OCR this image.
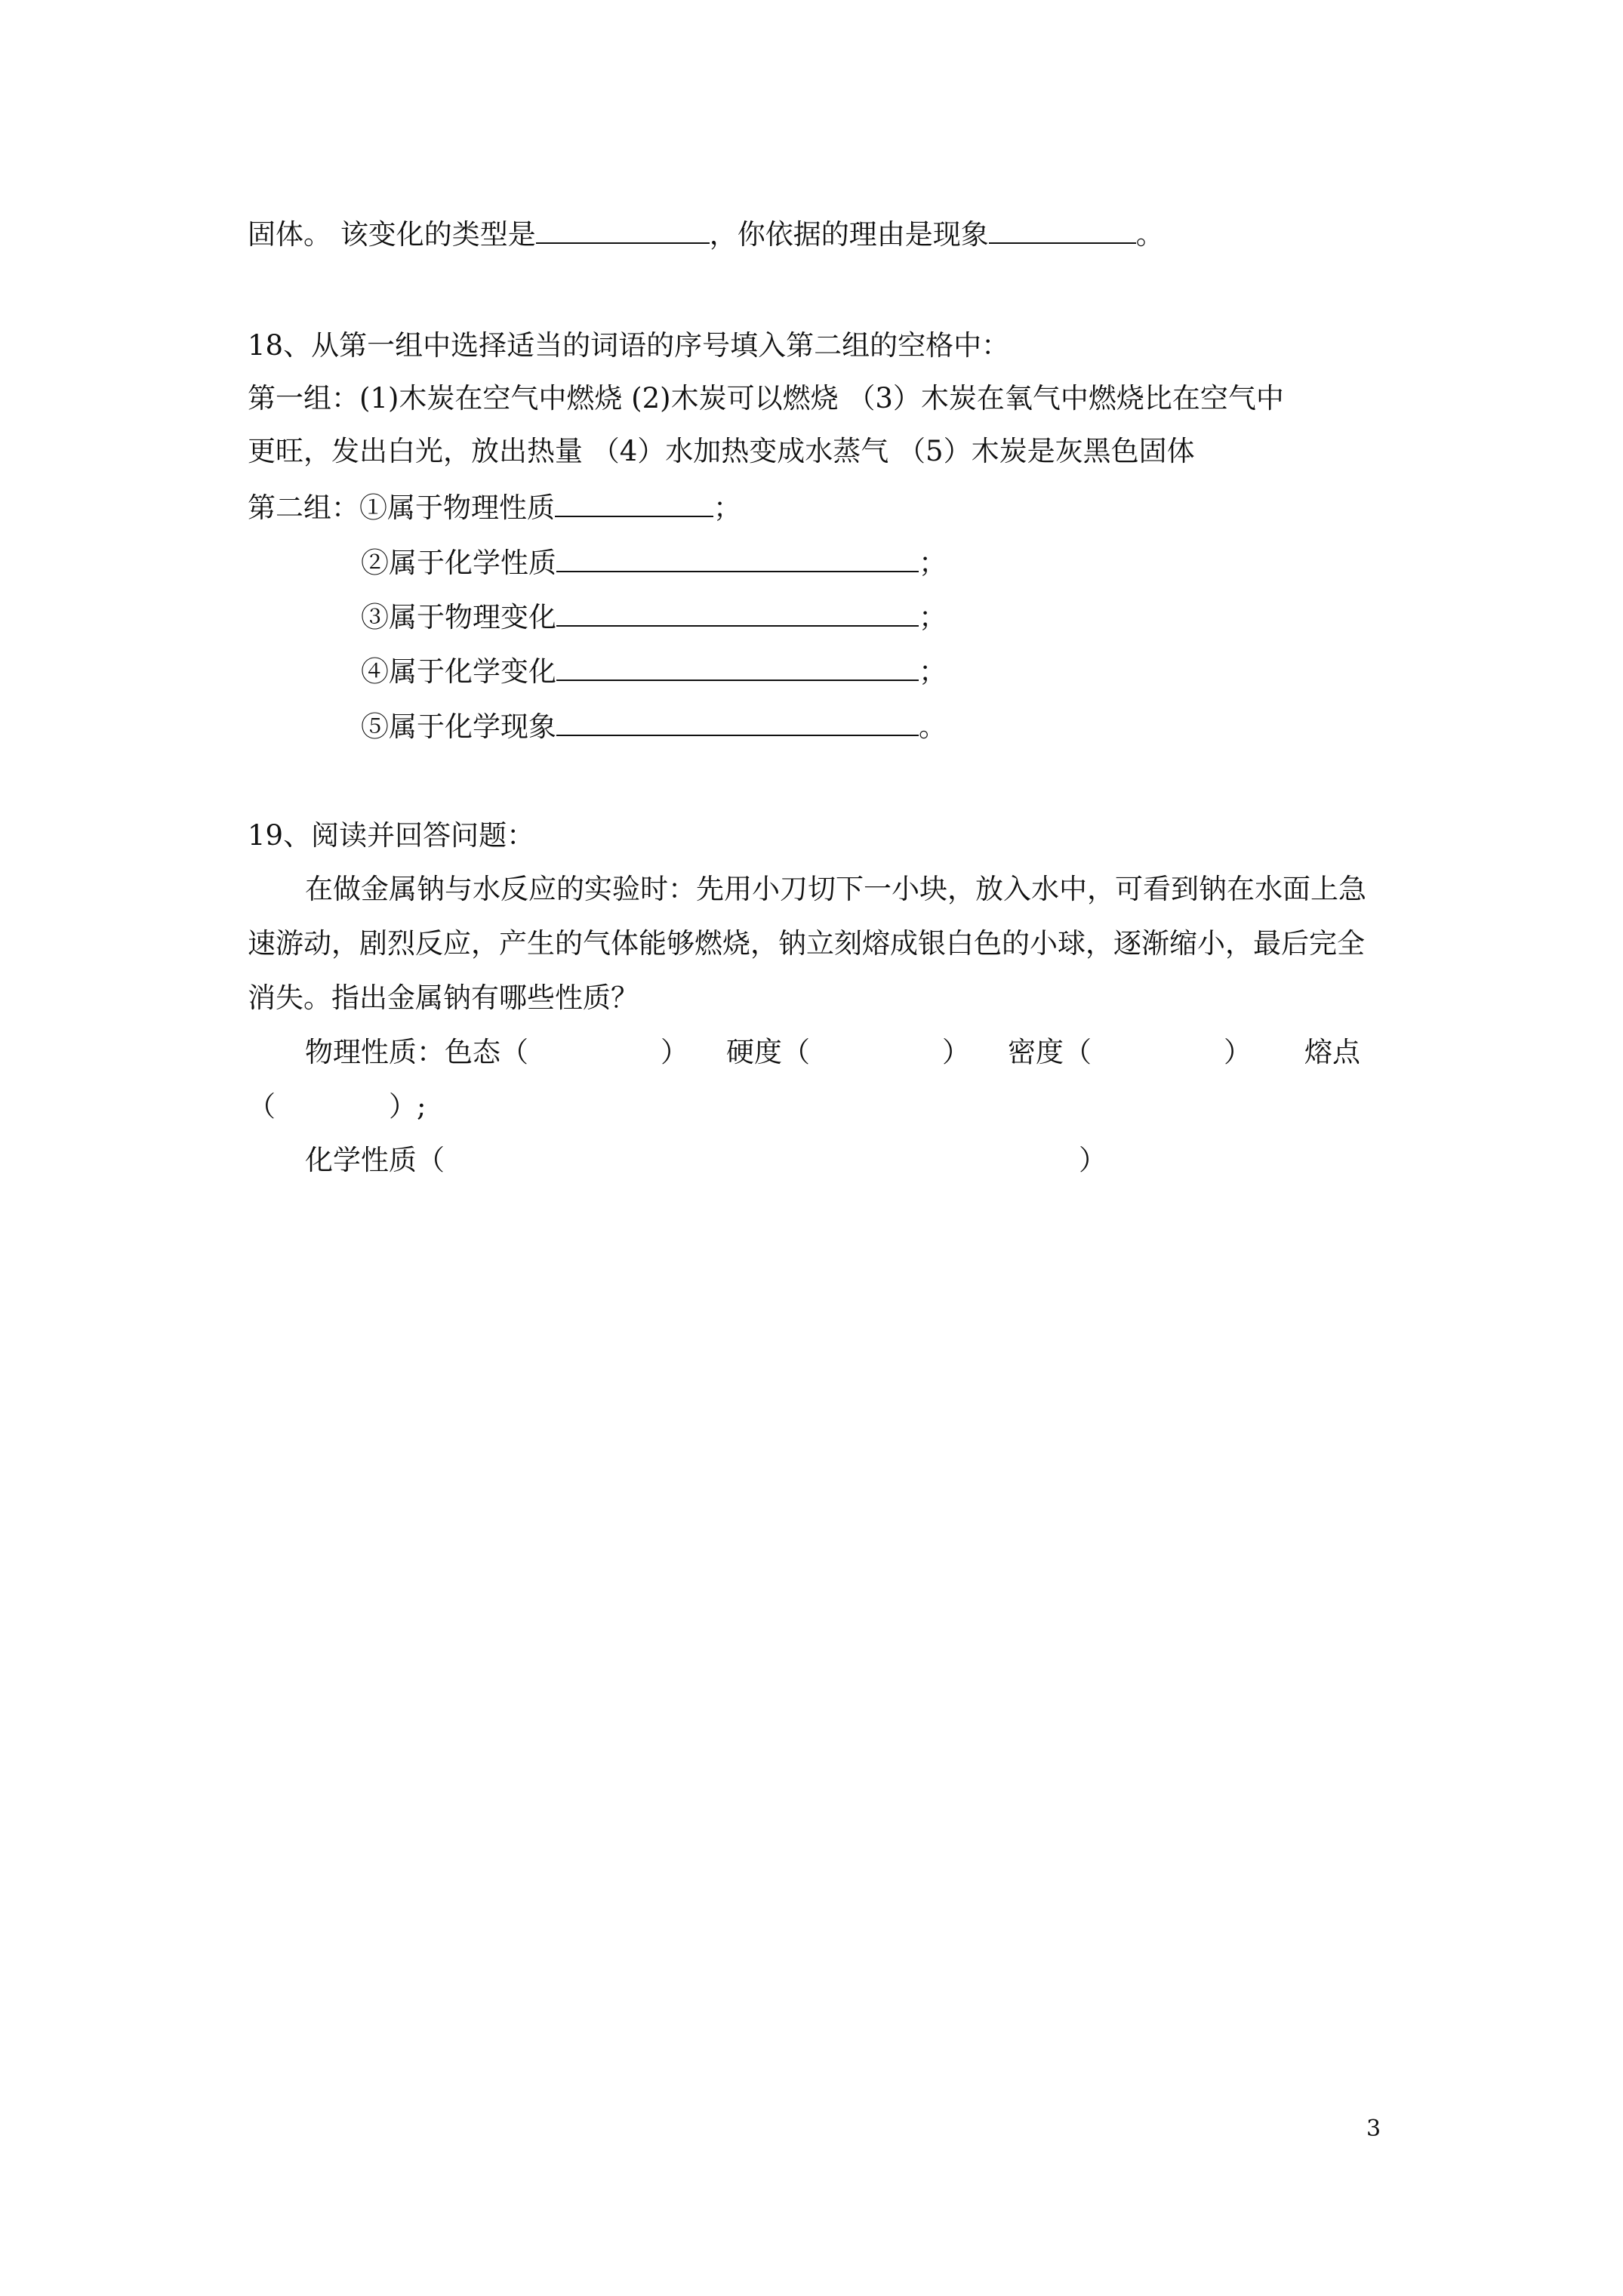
固体。 该变化的类型是	，你依据的理由是现象	。
18、从第一组中选择适当的词语的序号填入第二组的空格中：
第一组：(1)木炭在空气中燃烧 (2)木炭可以燃烧 （3）木炭在氧气中燃烧比在空气中
更旺，发出白光，放出热量 （4）水加热变成水蒸气 （5）木炭是灰黑色固体
第二组：①属于物理性质	；
②属于化学性质	；
③属于物理变化	；
④属于化学变化	；
⑤属于化学现象	。
19、阅读并回答问题：
在做金属钠与水反应的实验时：先用小刀切下一小块，放入水中，可看到钠在水面上急
速游动，剧烈反应，产生的气体能够燃烧，钠立刻熔成银白色的小球，逐渐缩小，最后完全
消失。指出金属钠有哪些性质？
物理性质：色态（	） 硬度（	） 密度（	） 熔点
（	）;
化学性质（	）
3
